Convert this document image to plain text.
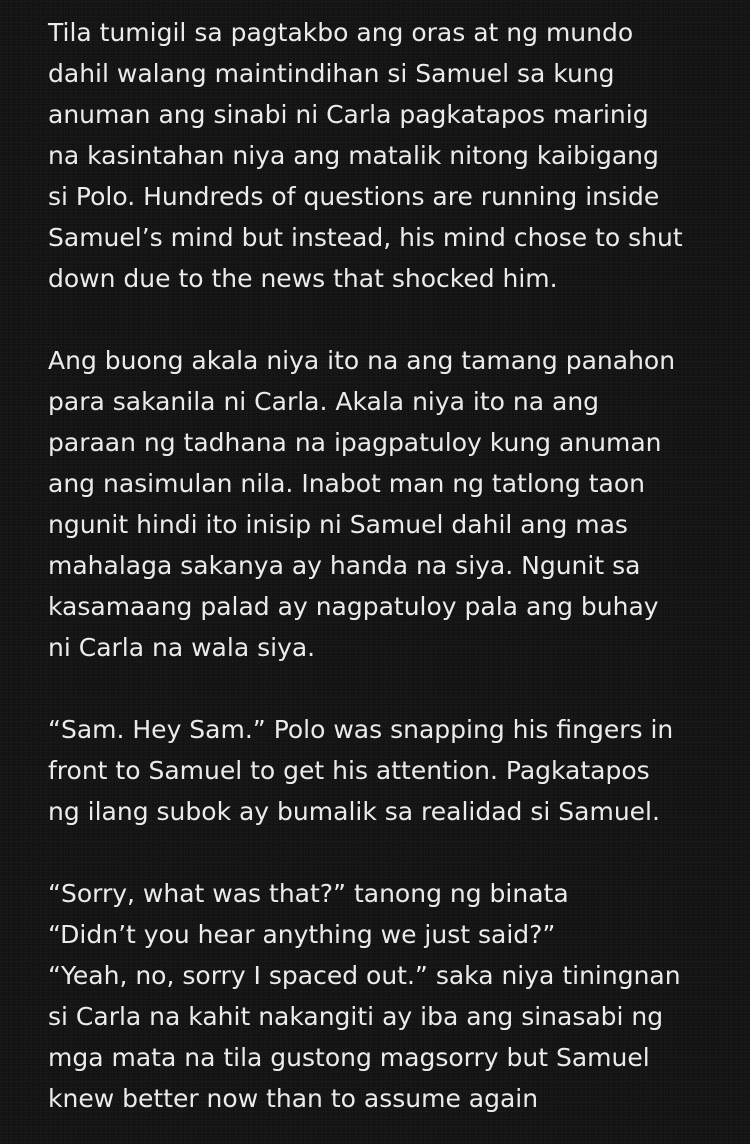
Tila tumigil sa pagtakbo ang oras at ng mundo
dahil walang maintindihan si Samuel sa kung
anuman ang sinabi ni Carla pagkatapos marinig
na kasintahan niya ang matalik nitong kaibigang
si Polo. Hundreds of questions are running inside
Samuel’s mind but instead, his mind chose to shut
down due to the news that shocked him.
Ang buong akala niya ito na ang tamang panahon
para sakanila ni Carla. Akala niya ito na ang
paraan ng tadhana na ipagpatuloy kung anuman
ang nasimulan nila. Inabot man ng tatlong taon
ngunit hindi ito inisip ni Samuel dahil ang mas
mahalaga sakanya ay handa na siya. Ngunit sa
kasamaang palad ay nagpatuloy pala ang buhay
ni Carla na wala siya.
“Sam. Hey Sam.” Polo was snapping his fingers in
front to Samuel to get his attention. Pagkatapos
ng ilang subok ay bumalik sa realidad si Samuel.
“Sorry, what was that?” tanong ng binata
“Didn’t you hear anything we just said?”
“Yeah, no, sorry I spaced out.” saka niya tiningnan
si Carla na kahit nakangiti ay iba ang sinasabi ng
mga mata na tila gustong magsorry but Samuel
knew better now than to assume again
